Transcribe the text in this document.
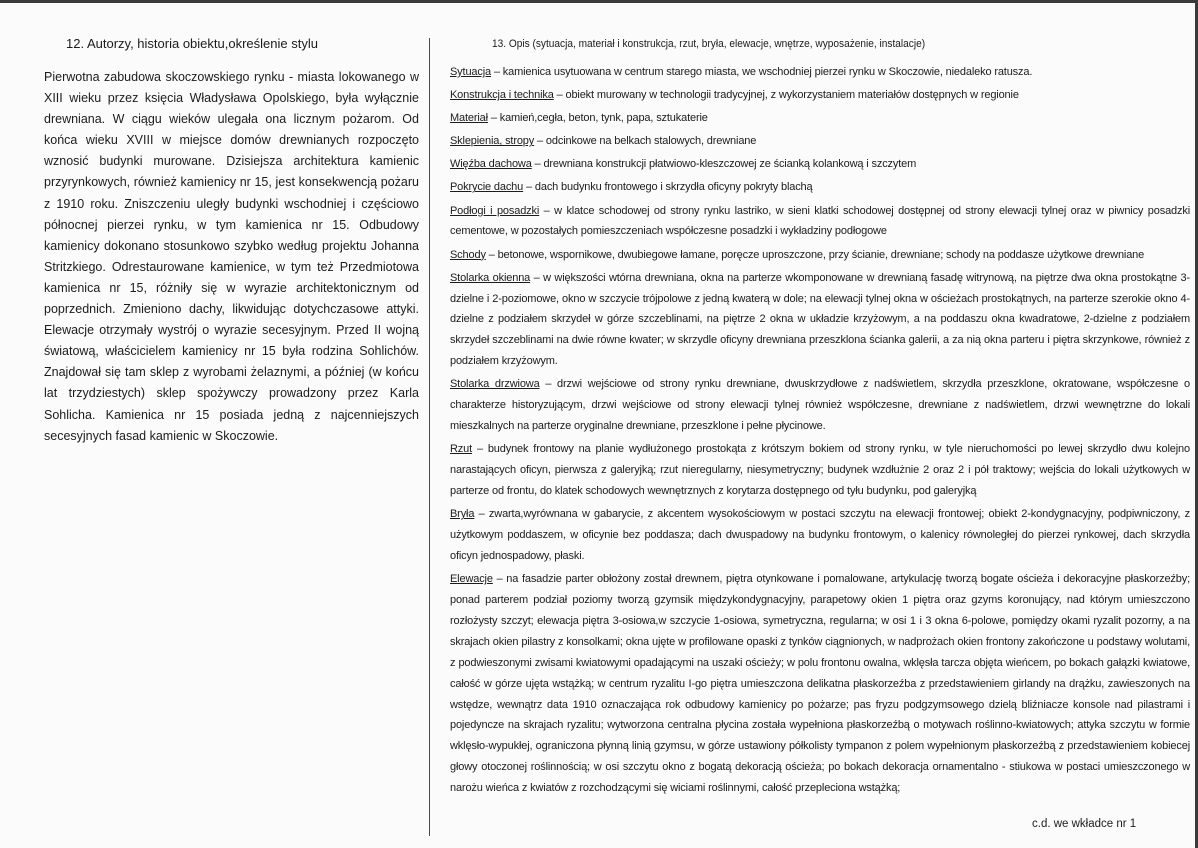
12. Autorzy, historia obiektu,określenie stylu

Pierwotna zabudowa skoczowskiego rynku - miasta lokowanego w XIII wieku przez księcia Władysława Opolskiego, była wyłącznie drewniana. W ciągu wieków ulegała ona licznym pożarom. Od końca wieku XVIII w miejsce domów drewnianych rozpoczęto wznosić budynki murowane. Dzisiejsza architektura kamienic przyrynkowych, również kamienicy nr 15, jest konsekwencją pożaru z 1910 roku. Zniszczeniu uległy budynki wschodniej i częściowo północnej pierzei rynku, w tym kamienica nr 15. Odbudowy kamienicy dokonano stosunkowo szybko według projektu Johanna Stritzkiego. Odrestaurowane kamienice, w tym też Przedmiotowa kamienica nr 15, różniły się w wyrazie architektonicznym od poprzednich. Zmieniono dachy, likwidując dotychczasowe attyki. Elewacje otrzymały wystrój o wyrazie secesyjnym. Przed II wojną światową, właścicielem kamienicy nr 15 była rodzina Sohlichów. Znajdował się tam sklep z wyrobami żelaznymi, a później (w końcu lat trzydziestych) sklep spożywczy prowadzony przez Karla Sohlicha. Kamienica nr 15 posiada jedną z najcenniejszych secesyjnych fasad kamienic w Skoczowie.

13. Opis (sytuacja, materiał i konstrukcja, rzut, bryła, elewacje, wnętrze, wyposażenie, instalacje)

Sytuacja – kamienica usytuowana w centrum starego miasta, we wschodniej pierzei rynku w Skoczowie, niedaleko ratusza.

Konstrukcja i technika – obiekt murowany w technologii tradycyjnej, z wykorzystaniem materiałów dostępnych w regionie

Materiał – kamień,cegła, beton, tynk, papa, sztukaterie

Sklepienia, stropy – odcinkowe na belkach stalowych, drewniane

Więźba dachowa – drewniana konstrukcji płatwiowo-kleszczowej ze ścianką kolankową i szczytem

Pokrycie dachu – dach budynku frontowego i skrzydła oficyny pokryty blachą

Podłogi i posadzki – w klatce schodowej od strony rynku lastriko, w sieni klatki schodowej dostępnej od strony elewacji tylnej oraz w piwnicy posadzki cementowe, w pozostałych pomieszczeniach współczesne posadzki i wykładziny podłogowe

Schody – betonowe, wspornikowe, dwubiegowe łamane, poręcze uproszczone, przy ścianie, drewniane; schody na poddasze użytkowe drewniane

Stolarka okienna – w większości wtórna drewniana, okna na parterze wkomponowane w drewnianą fasadę witrynową, na piętrze dwa okna prostokątne 3-dzielne i 2-poziomowe, okno w szczycie trójpolowe z jedną kwaterą w dole; na elewacji tylnej okna w ościeżach prostokątnych, na parterze szerokie okno 4-dzielne z podziałem skrzydeł w górze szczeblinami, na piętrze 2 okna w układzie krzyżowym, a na poddaszu okna kwadratowe, 2-dzielne z podziałem skrzydeł szczeblinami na dwie równe kwater; w skrzydle oficyny drewniana przeszklona ścianka galerii, a za nią okna parteru i piętra skrzynkowe, również z podziałem krzyżowym.

Stolarka drzwiowa – drzwi wejściowe od strony rynku drewniane, dwuskrzydłowe z nadświetlem, skrzydła przeszklone, okratowane, współczesne o charakterze historyzującym, drzwi wejściowe od strony elewacji tylnej również współczesne, drewniane z nadświetlem, drzwi wewnętrzne do lokali mieszkalnych na parterze oryginalne drewniane, przeszklone i pełne płycinowe.

Rzut – budynek frontowy na planie wydłużonego prostokąta z krótszym bokiem od strony rynku, w tyle nieruchomości po lewej skrzydło dwu kolejno narastających oficyn, pierwsza z galeryjką; rzut nieregularny, niesymetryczny; budynek wzdłużnie 2 oraz 2 i pół traktowy; wejścia do lokali użytkowych w parterze od frontu, do klatek schodowych wewnętrznych z korytarza dostępnego od tyłu budynku, pod galeryjką

Bryła – zwarta,wyrównana w gabarycie, z akcentem wysokościowym w postaci szczytu na elewacji frontowej; obiekt 2-kondygnacyjny, podpiwniczony, z użytkowym poddaszem, w oficynie bez poddasza; dach dwuspadowy na budynku frontowym, o kalenicy równoległej do pierzei rynkowej, dach skrzydła oficyn jednospadowy, płaski.

Elewacje – na fasadzie parter obłożony został drewnem, piętra otynkowane i pomalowane, artykulację tworzą bogate ościeża i dekoracyjne płaskorzeźby; ponad parterem podział poziomy tworzą gzymsik międzykondygnacyjny, parapetowy okien 1 piętra oraz gzyms koronujący, nad którym umieszczono rozłożysty szczyt; elewacja piętra 3-osiowa,w szczycie 1-osiowa, symetryczna, regularna; w osi 1 i 3 okna 6-polowe, pomiędzy okami ryzalit pozorny, a na skrajach okien pilastry z konsolkami; okna ujęte w profilowane opaski z tynków ciągnionych, w nadprożach okien frontony zakończone u podstawy wolutami, z podwieszonymi zwisami kwiatowymi opadającymi na uszaki ościeży; w polu frontonu owalna, wklęsła tarcza objęta wieńcem, po bokach gałązki kwiatowe, całość w górze ujęta wstążką; w centrum ryzalitu I-go piętra umieszczona delikatna płaskorzeźba z przedstawieniem girlandy na drążku, zawieszonych na wstędze, wewnątrz data 1910 oznaczająca rok odbudowy kamienicy po pożarze; pas fryzu podgzymsowego dzielą bliźniacze konsole nad pilastrami i pojedyncze na skrajach ryzalitu; wytworzona centralna płycina została wypełniona płaskorzeźbą o motywach roślinno-kwiatowych; attyka szczytu w formie wklęsło-wypukłej, ograniczona płynną linią gzymsu, w górze ustawiony półkolisty tympanon z polem wypełnionym płaskorzeźbą z przedstawieniem kobiecej głowy otoczonej roślinnością; w osi szczytu okno z bogatą dekoracją ościeża; po bokach dekoracja ornamentalno - stiukowa w postaci umieszczonego w narożu wieńca z kwiatów z rozchodzącymi się wiciami roślinnymi, całość przepleciona wstążką;

c.d. we wkładce nr 1
